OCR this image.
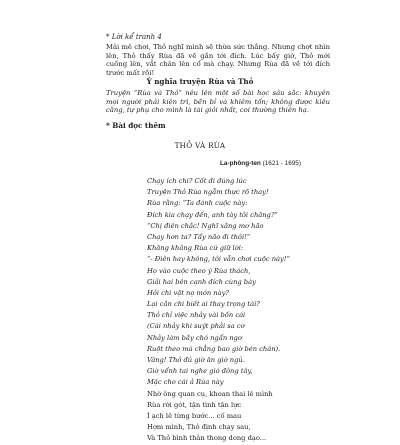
* Lời kể tranh 4
Mải mê chơi, Thỏ nghĩ mình sẽ thừa sức thắng. Nhưng chợt nhìn lên, Thỏ thấy Rùa đã về gần tới đích. Lúc bấy giờ, Thỏ mới cuống lên, vắt chân lên cổ mà chạy. Nhưng Rùa đã về tới đích trước mất rồi!
Ý nghĩa truyện Rùa và Thỏ
Truyện “Rùa và Thỏ” nêu lên một số bài học sâu sắc: khuyên mọi người phải kiên trì, bền bỉ và khiêm tốn; không được kiêu căng, tự phụ cho mình là tài giỏi nhất, coi thường thiên hạ.
* Bài đọc thêm
THỎ VÀ RÙA
La-phông-ten (1621 - 1695)
Chạy ích chi? Cốt đi đúng lúc
Truyện Thỏ Rùa ngẫm thực rõ thay!
Rùa rằng: “Ta đánh cuộc này:
Đích kia chạy đến, anh tày tôi chăng?”
“Chị điên chắc! Nghĩ xằng mơ hão
Chạy hơn ta? Tẩy não đi thôi!”
Khăng khăng Rùa cứ giữ lời:
“- Điên hay không, tôi vẫn chơi cuộc này!”
Họ vào cuộc theo ý Rùa thách,
Giải hai bên cạnh đích cùng bày
Hỏi chi vật nọ món này?
Lại cần chi biết ai thay trọng tài?
Thỏ chỉ việc nhảy vài bốn cái
(Cái nhảy khi suýt phải sa cơ
Nhảy làm bầy chó ngẩn ngơ
Ruột theo mà chẳng bao giờ bén chân).
Vâng! Thỏ đủ giờ ăn giờ ngủ.
Giờ vểnh tai nghe gió đông tây,
Mặc cho cái ả Rùa này
Nhờ ông quan cụ, khoan thai lê mình
Rùa rời gót, tận tình tận lực
Ì ạch lê từng bước... cố mau
Hợm mình, Thỏ định chạy sau,
Và Thỏ bình thản thong dong dạo...
